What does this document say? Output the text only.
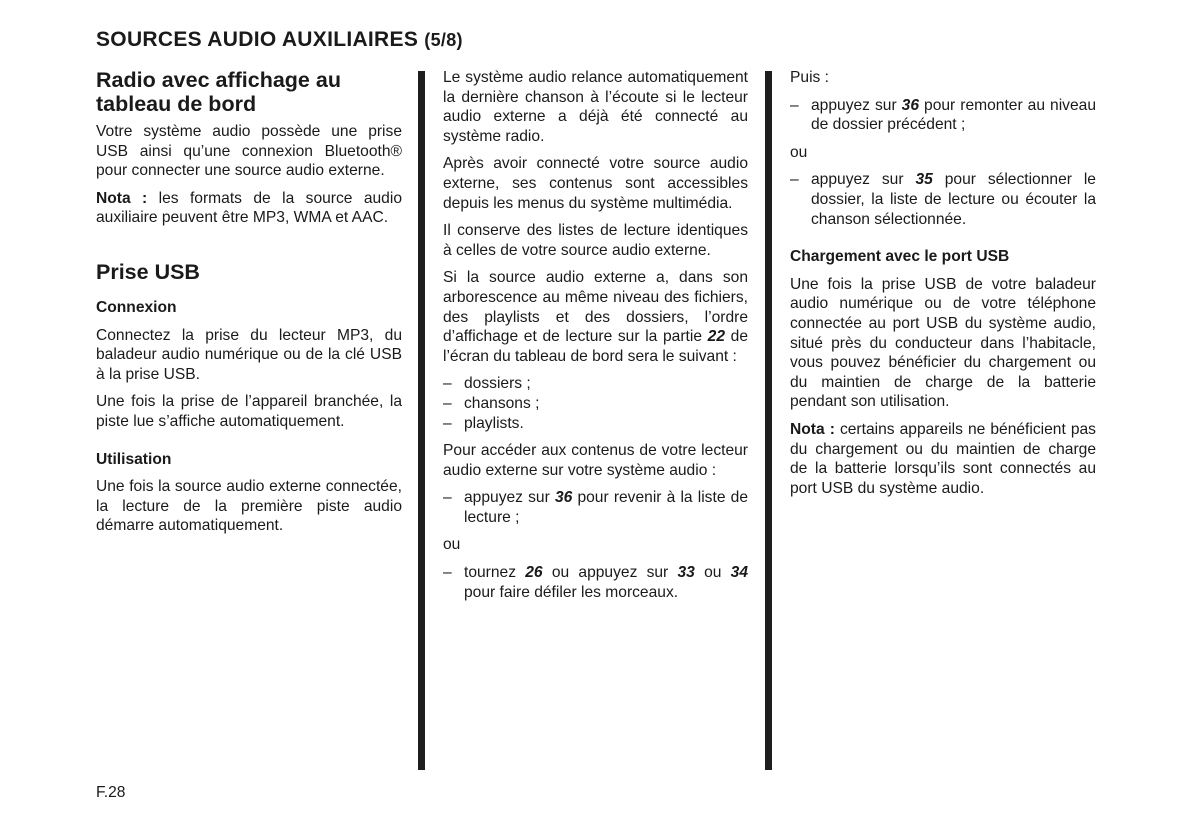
SOURCES AUDIO AUXILIAIRES (5/8)
Radio avec affichage au tableau de bord

Votre système audio possède une prise USB ainsi qu’une connexion Bluetooth® pour connecter une source audio externe.

Nota : les formats de la source audio auxiliaire peuvent être MP3, WMA et AAC.

Prise USB
Connexion

Connectez la prise du lecteur MP3, du baladeur audio numérique ou de la clé USB à la prise USB.

Une fois la prise de l’appareil branchée, la piste lue s’affiche automatiquement.

Utilisation

Une fois la source audio externe connectée, la lecture de la première piste audio démarre automatiquement.

Le système audio relance automatiquement la dernière chanson à l’écoute si le lecteur audio externe a déjà été connecté au système radio.

Après avoir connecté votre source audio externe, ses contenus sont accessibles depuis les menus du système multimédia.

Il conserve des listes de lecture identiques à celles de votre source audio externe.

Si la source audio externe a, dans son arborescence au même niveau des fichiers, des playlists et des dossiers, l’ordre d’affichage et de lecture sur la partie 22 de l’écran du tableau de bord sera le suivant :

– dossiers ;
– chansons ;
– playlists.

Pour accéder aux contenus de votre lecteur audio externe sur votre système audio :

– appuyez sur 36 pour revenir à la liste de lecture ;

ou

– tournez 26 ou appuyez sur 33 ou 34 pour faire défiler les morceaux.

Puis :

– appuyez sur 36 pour remonter au niveau de dossier précédent ;

ou

– appuyez sur 35 pour sélectionner le dossier, la liste de lecture ou écouter la chanson sélectionnée.
Chargement avec le port USB

Une fois la prise USB de votre baladeur audio numérique ou de votre téléphone connectée au port USB du système audio, situé près du conducteur dans l’habitacle, vous pouvez bénéficier du chargement ou du maintien de charge de la batterie pendant son utilisation.

Nota : certains appareils ne bénéficient pas du chargement ou du maintien de charge de la batterie lorsqu’ils sont connectés au port USB du système audio.

F.28
